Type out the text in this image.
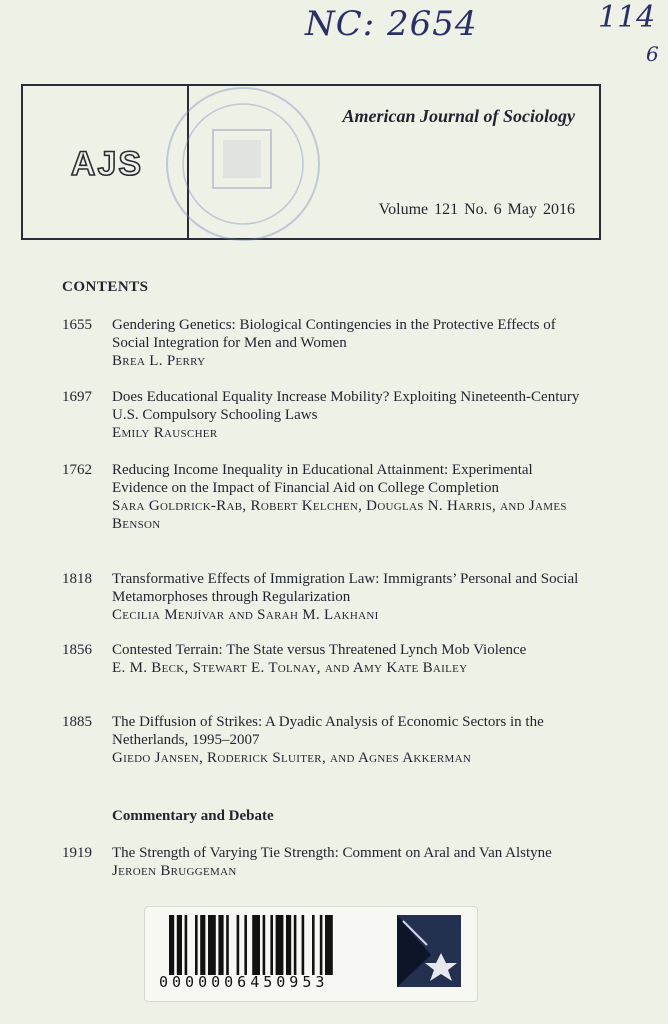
NC: 2654	114
6
AJS
American Journal of Sociology
Volume 121 No. 6 May 2016
CONTENTS
1655	Gendering Genetics: Biological Contingencies in the Protective Effects of Social Integration for Men and Women
Brea L. Perry
1697	Does Educational Equality Increase Mobility? Exploiting Nineteenth-Century U.S. Compulsory Schooling Laws
Emily Rauscher
1762	Reducing Income Inequality in Educational Attainment: Experimental Evidence on the Impact of Financial Aid on College Completion
Sara Goldrick-Rab, Robert Kelchen, Douglas N. Harris, and James Benson
1818	Transformative Effects of Immigration Law: Immigrants’ Personal and Social Metamorphoses through Regularization
Cecilia Menjívar and Sarah M. Lakhani
1856	Contested Terrain: The State versus Threatened Lynch Mob Violence
E. M. Beck, Stewart E. Tolnay, and Amy Kate Bailey
1885	The Diffusion of Strikes: A Dyadic Analysis of Economic Sectors in the Netherlands, 1995–2007
Giedo Jansen, Roderick Sluiter, and Agnes Akkerman
Commentary and Debate
1919	The Strength of Varying Tie Strength: Comment on Aral and Van Alstyne
Jeroen Bruggeman
0000006450953
